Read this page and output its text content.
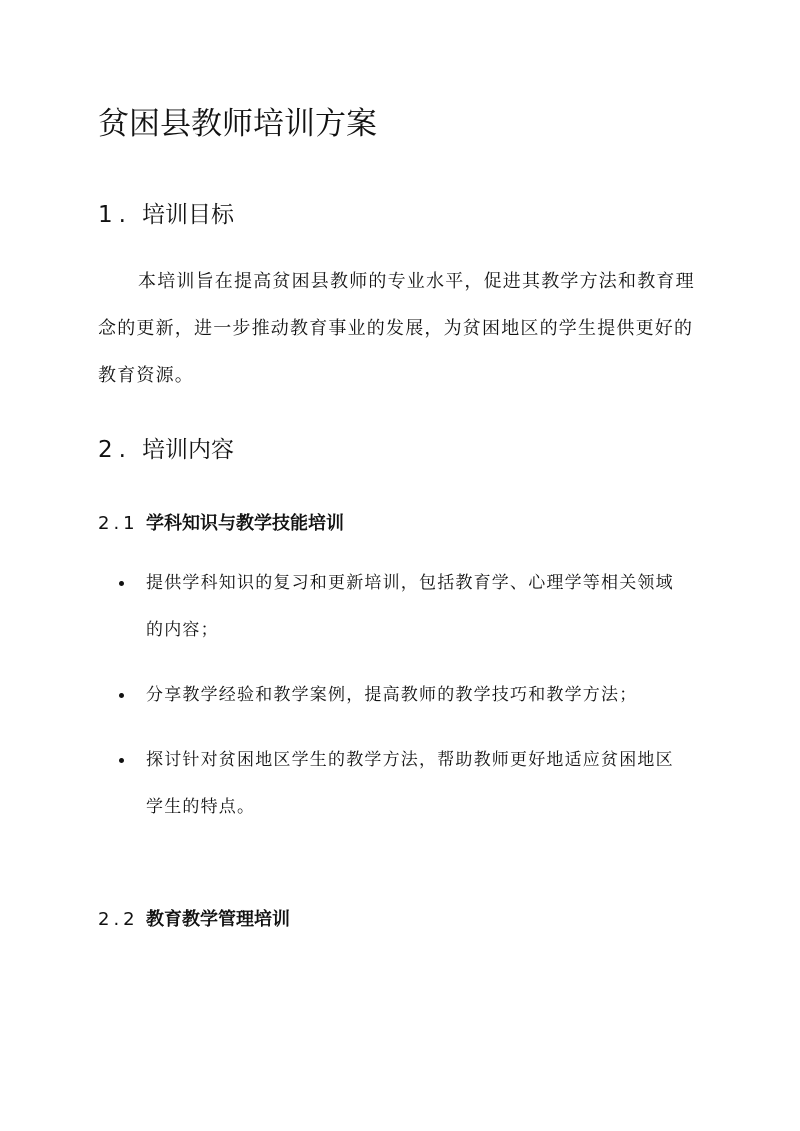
贫困县教师培训方案
1. 培训目标

本培训旨在提高贫困县教师的专业水平，促进其教学方法和教育理念的更新，进一步推动教育事业的发展，为贫困地区的学生提供更好的教育资源。

2. 培训内容
2.1 学科知识与教学技能培训
提供学科知识的复习和更新培训，包括教育学、心理学等相关领域的内容；
分享教学经验和教学案例，提高教师的教学技巧和教学方法；
探讨针对贫困地区学生的教学方法，帮助教师更好地适应贫困地区学生的特点。
2.2 教育教学管理培训
